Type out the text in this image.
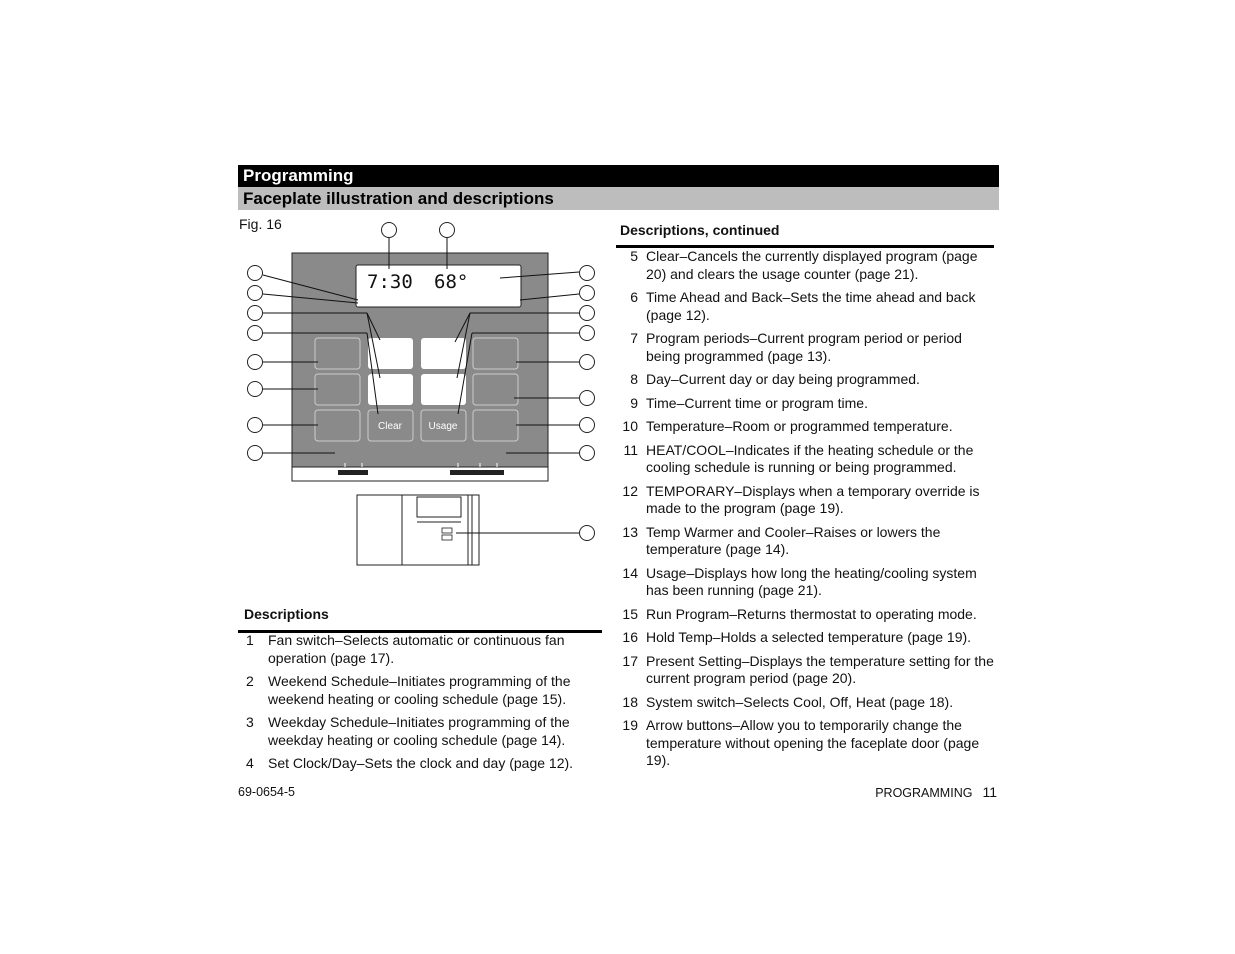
Programming
Faceplate illustration and descriptions
Fig. 16
7:30 68°
Clear	Usage
Descriptions
1	Fan switch–Selects automatic or continuous fan operation (page 17).
2	Weekend Schedule–Initiates programming of the weekend heating or cooling schedule (page 15).
3	Weekday Schedule–Initiates programming of the weekday heating or cooling schedule (page 14).
4	Set Clock/Day–Sets the clock and day (page 12).
Descriptions, continued
5 Clear–Cancels the currently displayed program (page 20) and clears the usage counter (page 21).
6 Time Ahead and Back–Sets the time ahead and back (page 12).
7 Program periods–Current program period or period being programmed (page 13).
8 Day–Current day or day being programmed.
9 Time–Current time or program time.
10 Temperature–Room or programmed temperature.
11 HEAT/COOL–Indicates if the heating schedule or the cooling schedule is running or being programmed.
12 TEMPORARY–Displays when a temporary override is made to the program (page 19).
13 Temp Warmer and Cooler–Raises or lowers the temperature (page 14).
14 Usage–Displays how long the heating/cooling system has been running (page 21).
15 Run Program–Returns thermostat to operating mode.
16 Hold Temp–Holds a selected temperature (page 19).
17 Present Setting–Displays the temperature setting for the current program period (page 20).
18 System switch–Selects Cool, Off, Heat (page 18).
19 Arrow buttons–Allow you to temporarily change the temperature without opening the faceplate door (page 19).
69-0654-5	PROGRAMMING 11
